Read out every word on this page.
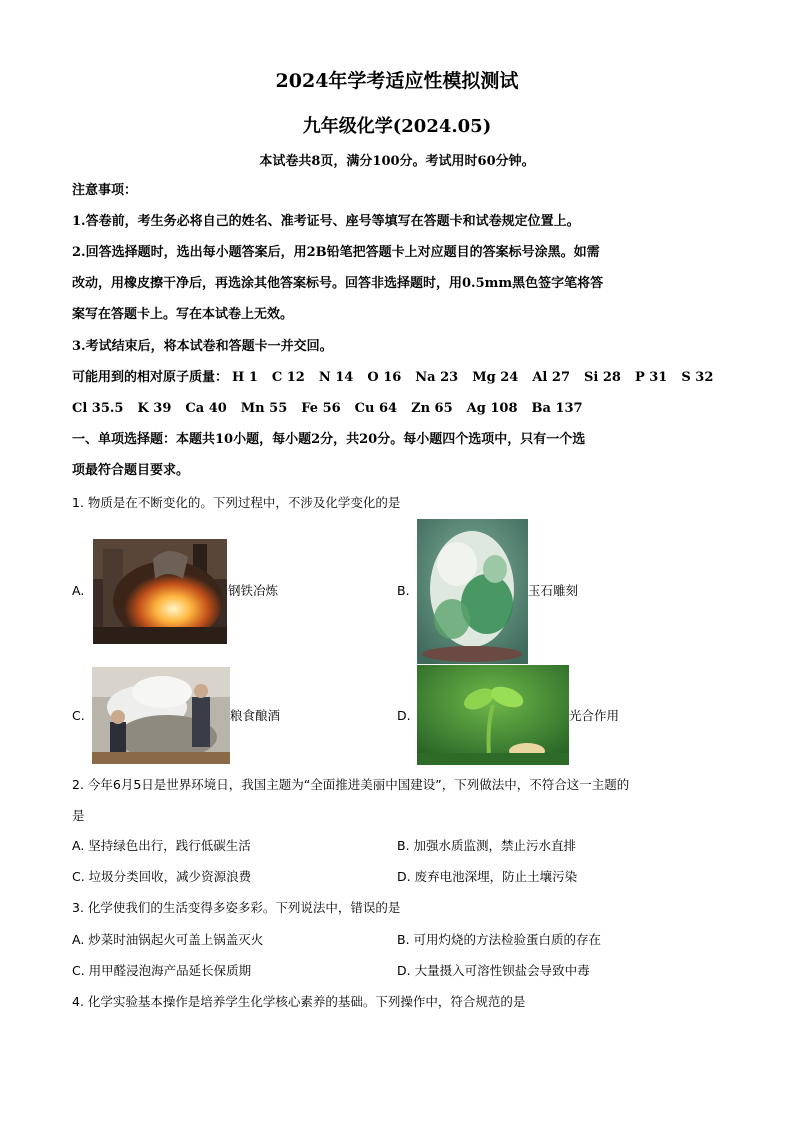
2024年学考适应性模拟测试
九年级化学(2024.05)
本试卷共8页，满分100分。考试用时60分钟。
注意事项：
1.答卷前，考生务必将自己的姓名、准考证号、座号等填写在答题卡和试卷规定位置上。
2.回答选择题时，选出每小题答案后，用2B铅笔把答题卡上对应题目的答案标号涂黑。如需
改动，用橡皮擦干净后，再选涂其他答案标号。回答非选择题时，用0.5mm黑色签字笔将答
案写在答题卡上。写在本试卷上无效。
3.考试结束后，将本试卷和答题卡一并交回。
可能用到的相对原子质量： H 1 C 12 N 14 O 16 Na 23 Mg 24 Al 27 Si 28 P 31 S 32
Cl 35.5 K 39 Ca 40 Mn 55 Fe 56 Cu 64 Zn 65 Ag 108 Ba 137
一、单项选择题：本题共10小题，每小题2分，共20分。每小题四个选项中，只有一个选
项最符合题目要求。
1. 物质是在不断变化的。下列过程中，不涉及化学变化的是
A.	钢铁冶炼	B.	玉石雕刻
C.	粮食酿酒	D.	光合作用
2. 今年6月5日是世界环境日，我国主题为“全面推进美丽中国建设”，下列做法中，不符合这一主题的
是
A. 坚持绿色出行，践行低碳生活	B. 加强水质监测，禁止污水直排
C. 垃圾分类回收，减少资源浪费	D. 废弃电池深埋，防止土壤污染
3. 化学使我们的生活变得多姿多彩。下列说法中，错误的是
A. 炒菜时油锅起火可盖上锅盖灭火	B. 可用灼烧的方法检验蛋白质的存在
C. 用甲醛浸泡海产品延长保质期	D. 大量摄入可溶性钡盐会导致中毒
4. 化学实验基本操作是培养学生化学核心素养的基础。下列操作中，符合规范的是
